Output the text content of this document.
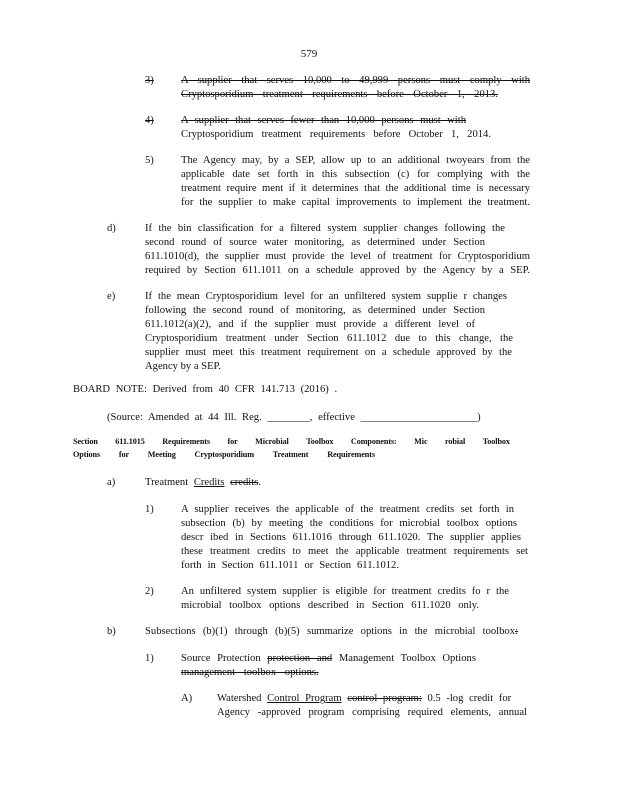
579
3)	A supplier that serves 10,000 to 49,999 persons must comply with
Cryptosporidium treatment requirements before October 1, 2013.
4)	A supplier that serves fewer than 10,000 persons must with
Cryptosporidium treatment requirements before October 1, 2014.
5)	The Agency may, by a SEP, allow up to an additional twoyears from the
applicable date set forth in this subsection (c) for complying with the
treatment require ment if it determines that the additional time is necessary
for the supplier to make capital improvements to implement the treatment.
d)	If the bin classification for a filtered system supplier changes following the
second round of source water monitoring, as determined under Section
611.1010(d), the supplier must provide the level of treatment for Cryptosporidium
required by Section 611.1011 on a schedule approved by the Agency by a SEP.
e)	If the mean Cryptosporidium level for an unfiltered system supplie r changes
following the second round of monitoring, as determined under Section
611.1012(a)(2), and if the supplier must provide a different level of
Cryptosporidium treatment under Section 611.1012 due to this change, the
supplier must meet this treatment requirement on a schedule approved by the
Agency by a SEP.
BOARD NOTE: Derived from 40 CFR 141.713 (2016) .
(Source: Amended at 44 Ill. Reg. ________, effective ______________________)
Section 611.1015 Requirements for Microbial Toolbox Components: Mic robial Toolbox
Options for Meeting Cryptosporidium Treatment Requirements
a)	Treatment Credits credits.
1)	A supplier receives the applicable of the treatment credits set forth in
subsection (b) by meeting the conditions for microbial toolbox options
descr ibed in Sections 611.1016 through 611.1020. The supplier applies
these treatment credits to meet the applicable treatment requirements set
forth in Section 611.1011 or Section 611.1012.
2)	An unfiltered system supplier is eligible for treatment credits fo r the
microbial toolbox options described in Section 611.1020 only.
b)	Subsections (b)(1) through (b)(5) summarize options in the microbial toolbox:
1)	Source Protection protection and Management Toolbox Options
management toolbox options.
A) Watershed Control Program control program: 0.5 -log credit for
Agency -approved program comprising required elements, annual
